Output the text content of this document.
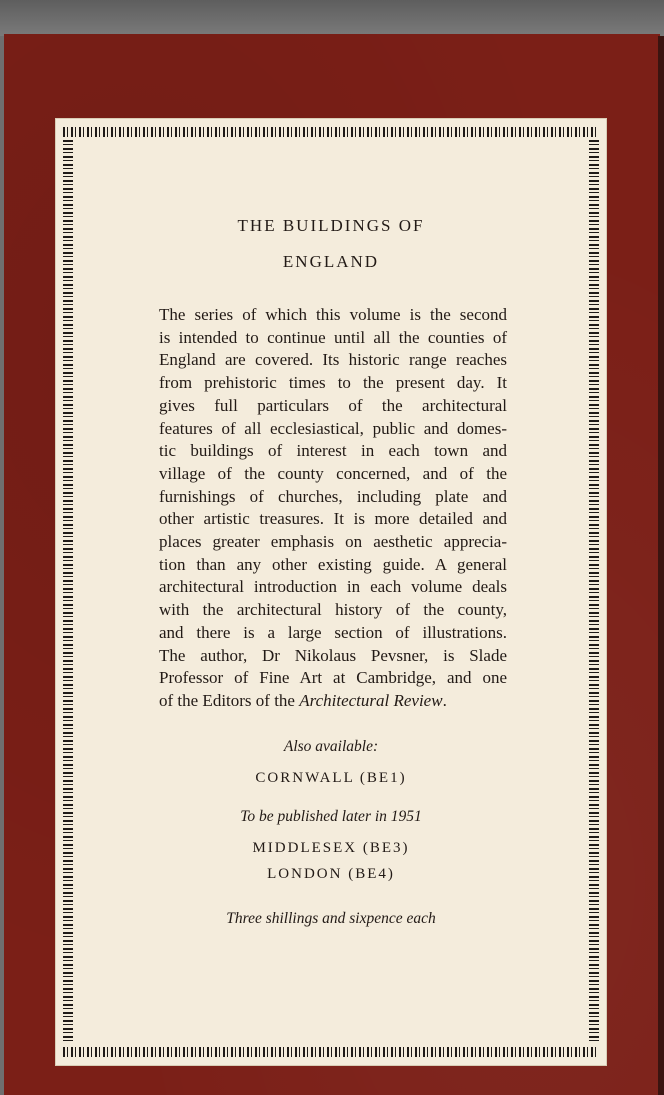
THE BUILDINGS OF
ENGLAND

The series of which this volume is the second
is intended to continue until all the counties of
England are covered. Its historic range reaches
from prehistoric times to the present day. It
gives full particulars of the architectural
features of all ecclesiastical, public and domes-
tic buildings of interest in each town and
village of the county concerned, and of the
furnishings of churches, including plate and
other artistic treasures. It is more detailed and
places greater emphasis on aesthetic apprecia-
tion than any other existing guide. A general
architectural introduction in each volume deals
with the architectural history of the county,
and there is a large section of illustrations.
The author, Dr Nikolaus Pevsner, is Slade
Professor of Fine Art at Cambridge, and one
of the Editors of the Architectural Review.

Also available:

CORNWALL (BE1)

To be published later in 1951

MIDDLESEX (BE3)

LONDON (BE4)

Three shillings and sixpence each
